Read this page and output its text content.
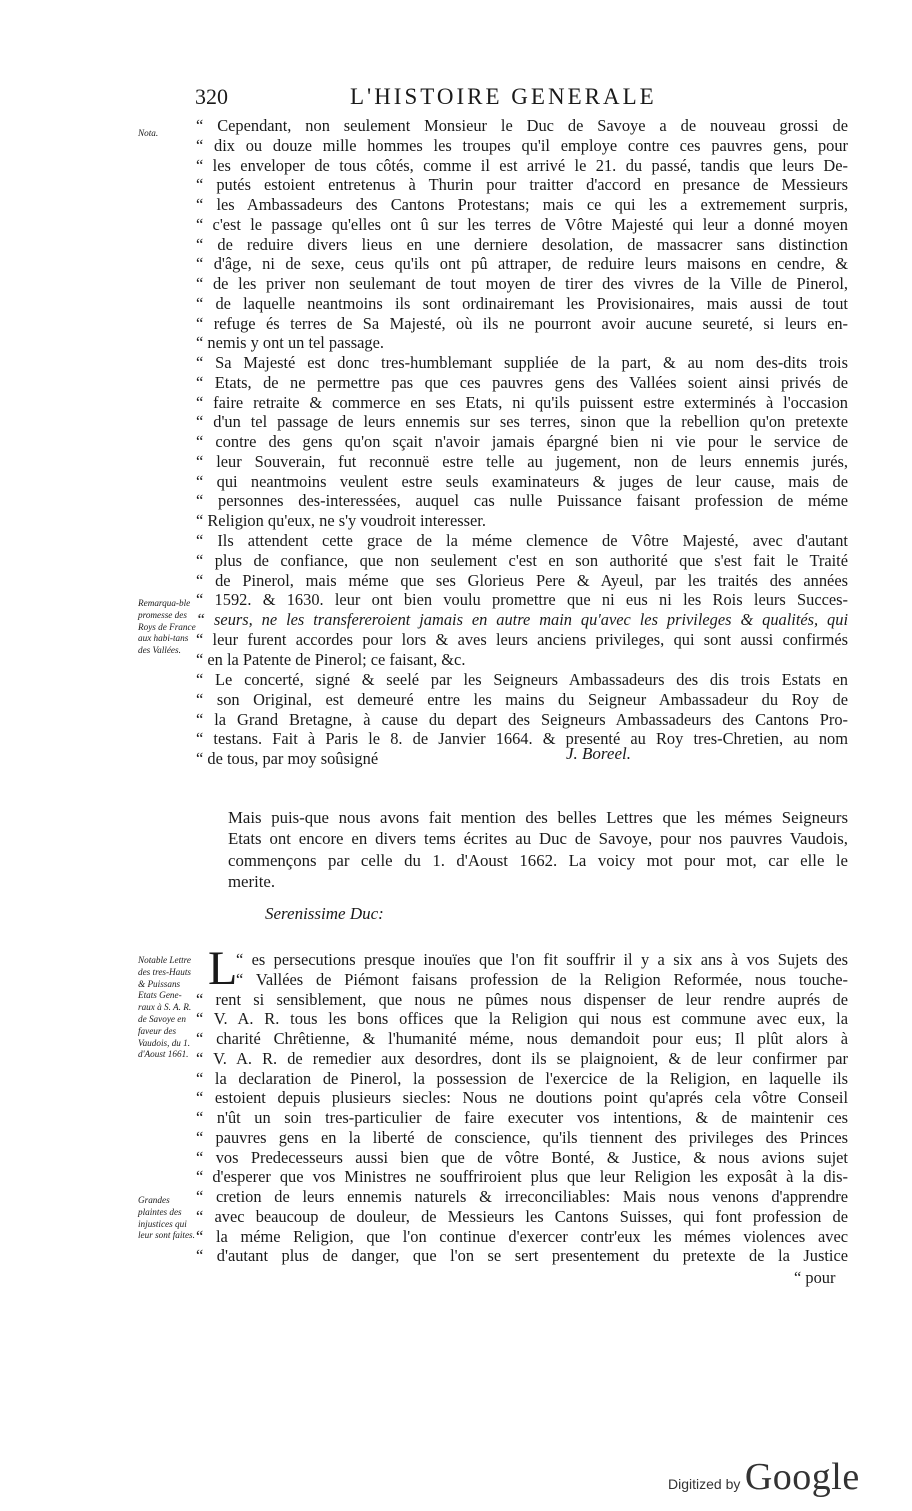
320	L'HISTOIRE GENERALE
Nota.
Remarqua-ble promesse des Roys de France aux habi-tans des Vallées.
Notable Lettre des tres-Hauts & Puissans Etats Gene-raux à S. A. R. de Savoye en faveur des Vaudois, du 1. d'Aoust 1661.
Grandes plaintes des injustices qui leur sont faites.
“ Cependant, non seulement Monsieur le Duc de Savoye a de nouveau grossi de
“ dix ou douze mille hommes les troupes qu'il employe contre ces pauvres gens, pour
“ les enveloper de tous côtés, comme il est arrivé le 21. du passé, tandis que leurs De-
“ putés estoient entretenus à Thurin pour traitter d'accord en presance de Messieurs
“ les Ambassadeurs des Cantons Protestans; mais ce qui les a extremement surpris,
“ c'est le passage qu'elles ont û sur les terres de Vôtre Majesté qui leur a donné moyen
“ de reduire divers lieus en une derniere desolation, de massacrer sans distinction
“ d'âge, ni de sexe, ceus qu'ils ont pû attraper, de reduire leurs maisons en cendre, &
“ de les priver non seulemant de tout moyen de tirer des vivres de la Ville de Pinerol,
“ de laquelle neantmoins ils sont ordinairemant les Provisionaires, mais aussi de tout
“ refuge és terres de Sa Majesté, où ils ne pourront avoir aucune seureté, si leurs en-
“ nemis y ont un tel passage.
“ Sa Majesté est donc tres-humblemant suppliée de la part, & au nom des-dits trois
“ Etats, de ne permettre pas que ces pauvres gens des Vallées soient ainsi privés de
“ faire retraite & commerce en ses Etats, ni qu'ils puissent estre exterminés à l'occasion
“ d'un tel passage de leurs ennemis sur ses terres, sinon que la rebellion qu'on pretexte
“ contre des gens qu'on sçait n'avoir jamais épargné bien ni vie pour le service de
“ leur Souverain, fut reconnuë estre telle au jugement, non de leurs ennemis jurés,
“ qui neantmoins veulent estre seuls examinateurs & juges de leur cause, mais de
“ personnes des-interessées, auquel cas nulle Puissance faisant profession de méme
“ Religion qu'eux, ne s'y voudroit interesser.
“ Ils attendent cette grace de la méme clemence de Vôtre Majesté, avec d'autant
“ plus de confiance, que non seulement c'est en son authorité que s'est fait le Traité
“ de Pinerol, mais méme que ses Glorieus Pere & Ayeul, par les traités des années
“ 1592. & 1630. leur ont bien voulu promettre que ni eus ni les Rois leurs Succes-
“ seurs, ne les transfereroient jamais en autre main qu'avec les privileges & qualités, qui
“ leur furent accordes pour lors & aves leurs anciens privileges, qui sont aussi confirmés
“ en la Patente de Pinerol; ce faisant, &c.
“ Le concerté, signé & seelé par les Seigneurs Ambassadeurs des dis trois Estats en
“ son Original, est demeuré entre les mains du Seigneur Ambassadeur du Roy de
“ la Grand Bretagne, à cause du depart des Seigneurs Ambassadeurs des Cantons Pro-
“ testans. Fait à Paris le 8. de Janvier 1664. & presenté au Roy tres-Chretien, au nom
“ de tous, par moy soûsigné	J. Boreel.
Mais puis-que nous avons fait mention des belles Lettres que les mémes Seigneurs
Etats ont encore en divers tems écrites au Duc de Savoye, pour nos pauvres Vaudois,
commençons par celle du 1. d'Aoust 1662. La voicy mot pour mot, car elle le
merite.
Serenissime Duc:
L
“ es persecutions presque inouïes que l'on fit souffrir il y a six ans à vos Sujets des
“ Vallées de Piémont faisans profession de la Religion Reformée, nous touche-
“ rent si sensiblement, que nous ne pûmes nous dispenser de leur rendre auprés de
“ V. A. R. tous les bons offices que la Religion qui nous est commune avec eux, la
“ charité Chrêtienne, & l'humanité méme, nous demandoit pour eus; Il plût alors à
“ V. A. R. de remedier aux desordres, dont ils se plaignoient, & de leur confirmer par
“ la declaration de Pinerol, la possession de l'exercice de la Religion, en laquelle ils
“ estoient depuis plusieurs siecles: Nous ne doutions point qu'aprés cela vôtre Conseil
“ n'ût un soin tres-particulier de faire executer vos intentions, & de maintenir ces
“ pauvres gens en la liberté de conscience, qu'ils tiennent des privileges des Princes
“ vos Predecesseurs aussi bien que de vôtre Bonté, & Justice, & nous avions sujet
“ d'esperer que vos Ministres ne souffriroient plus que leur Religion les exposât à la dis-
“ cretion de leurs ennemis naturels & irreconciliables: Mais nous venons d'apprendre
“ avec beaucoup de douleur, de Messieurs les Cantons Suisses, qui font profession de
“ la méme Religion, que l'on continue d'exercer contr'eux les mémes violences avec
“ d'autant plus de danger, que l'on se sert presentement du pretexte de la Justice
“ pour
Digitized by Google
